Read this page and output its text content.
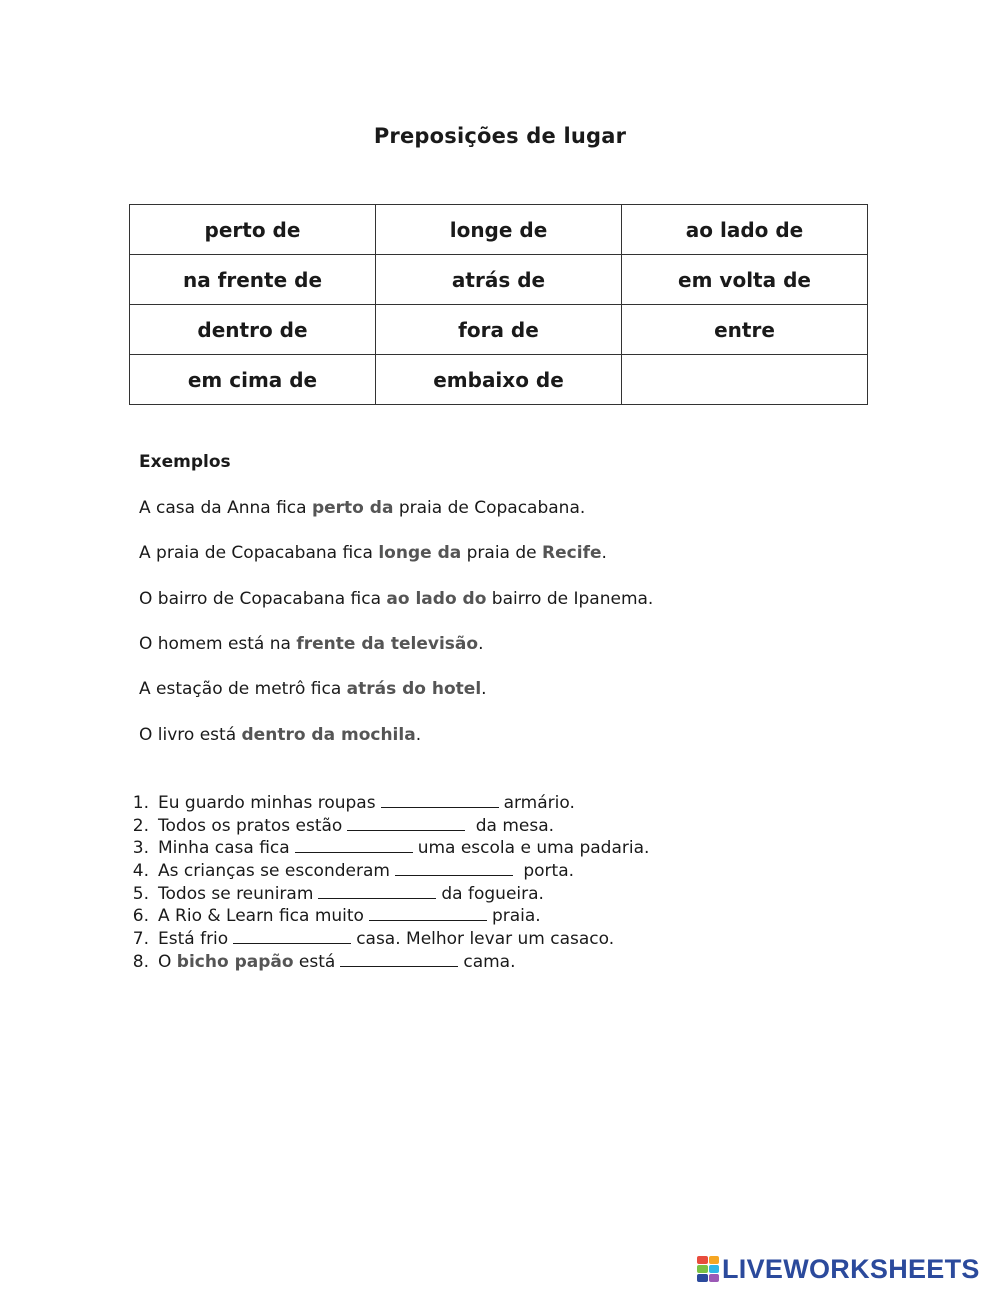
Preposições de lugar
perto de	longe de	ao lado de
na frente de	atrás de	em volta de
dentro de	fora de	entre
em cima de	embaixo de	
Exemplos
A casa da Anna fica perto da praia de Copacabana.
A praia de Copacabana fica longe da praia de Recife.
O bairro de Copacabana fica ao lado do bairro de Ipanema.
O homem está na frente da televisão.
A estação de metrô fica atrás do hotel.
O livro está dentro da mochila.
1. Eu guardo minhas roupas	armário.
2. Todos os pratos estão	da mesa.
3. Minha casa fica	uma escola e uma padaria.
4. As crianças se esconderam	porta.
5. Todos se reuniram	da fogueira.
6. A Rio & Learn fica muito	praia.
7. Está frio	casa. Melhor levar um casaco.
8. O bicho papão está	cama.
LIVEWORKSHEETS
